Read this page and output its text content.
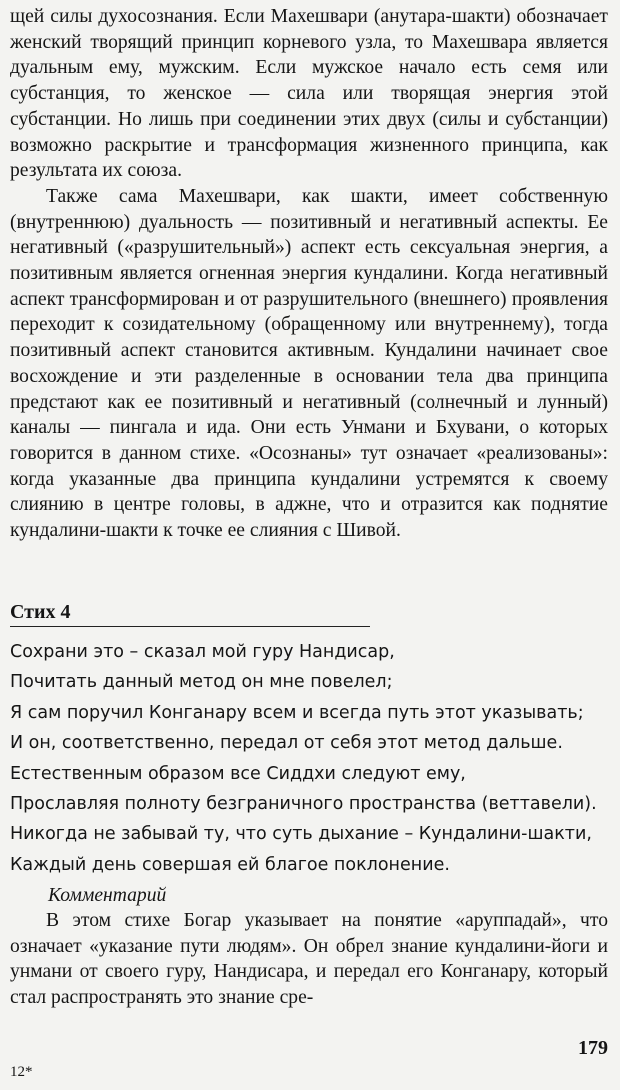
щей силы духосознания. Если Махешвари (анутара-шакти) обозначает женский творящий принцип корневого узла, то Махешвара является дуальным ему, мужским. Если мужское начало есть семя или субстанция, то женское — сила или творящая энергия этой субстанции. Но лишь при соединении этих двух (силы и субстанции) возможно раскрытие и трансформация жизненного принципа, как результата их союза.

Также сама Махешвари, как шакти, имеет собственную (внутреннюю) дуальность — позитивный и негативный аспекты. Ее негативный («разрушительный») аспект есть сексуальная энергия, а позитивным является огненная энергия кундалини. Когда негативный аспект трансформирован и от разрушительного (внешнего) проявления переходит к созидательному (обращенному или внутреннему), тогда позитивный аспект становится активным. Кундалини начинает свое восхождение и эти разделенные в основании тела два принципа предстают как ее позитивный и негативный (солнечный и лунный) каналы — пингала и ида. Они есть Унмани и Бхувани, о которых говорится в данном стихе. «Осознаны» тут означает «реализованы»: когда указанные два принципа кундалини устремятся к своему слиянию в центре головы, в аджне, что и отразится как поднятие кундалини-шакти к точке ее слияния с Шивой.

Стих 4
Сохрани это – сказал мой гуру Нандисар,
Почитать данный метод он мне повелел;
Я сам поручил Конганару всем и всегда путь этот указывать;
И он, соответственно, передал от себя этот метод дальше.
Естественным образом все Сиддхи следуют ему,
Прославляя полноту безграничного пространства (веттавели).
Никогда не забывай ту, что суть дыхание – Кундалини-шакти,
Каждый день совершая ей благое поклонение.
Комментарий

В этом стихе Богар указывает на понятие «аруппадай», что означает «указание пути людям». Он обрел знание кундалини-йоги и унмани от своего гуру, Нандисара, и передал его Конганару, который стал распространять это знание сре-

179
12*
